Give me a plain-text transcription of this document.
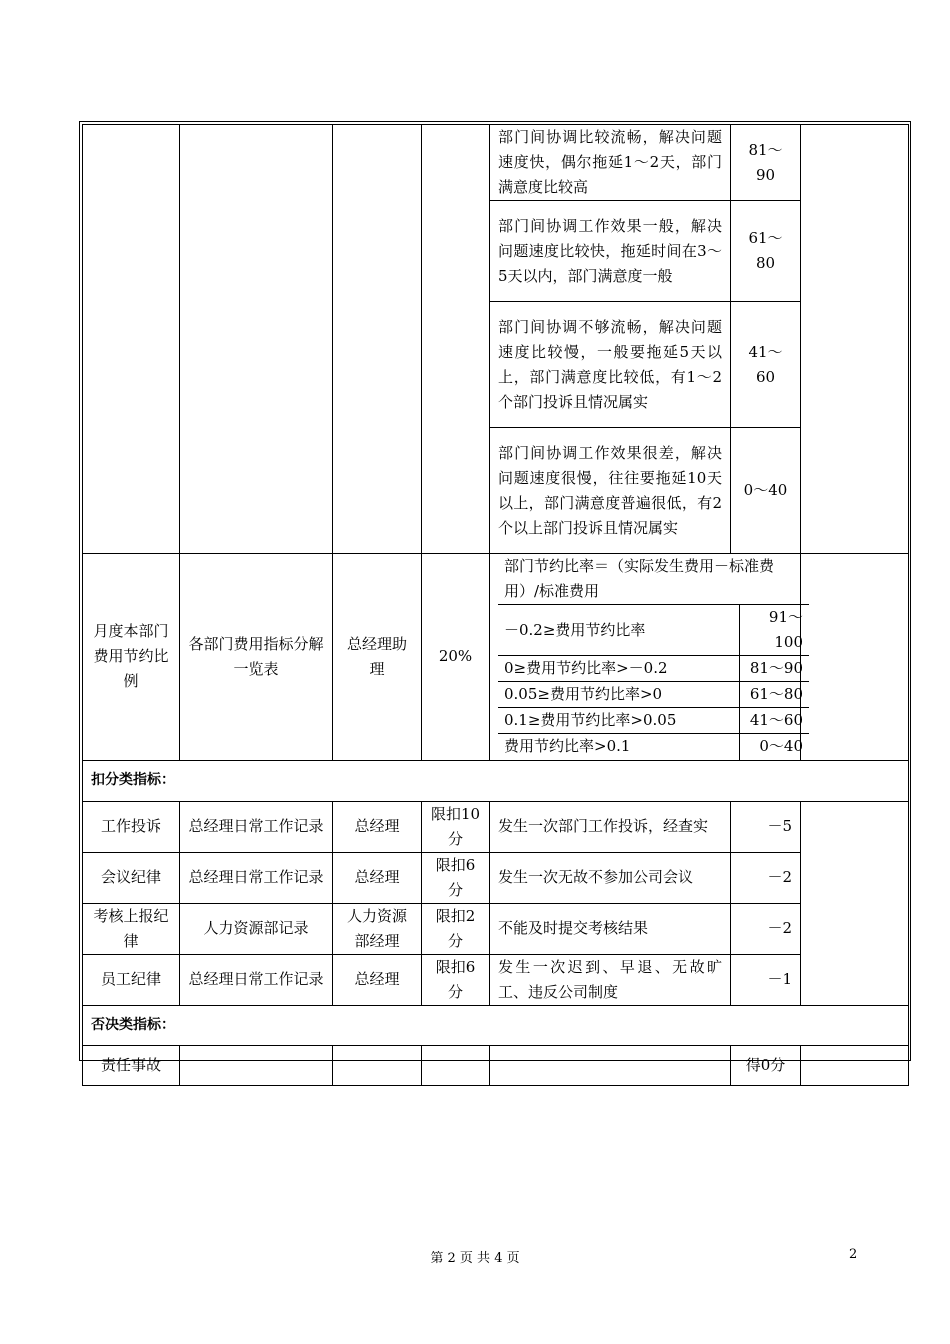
				部门间协调比较流畅，解决问题速度快，偶尔拖延1～2天，部门满意度比较高	81～90	
部门间协调工作效果一般，解决问题速度比较快，拖延时间在3～5天以内，部门满意度一般	61～80
部门间协调不够流畅，解决问题速度比较慢，一般要拖延5天以上，部门满意度比较低，有1～2个部门投诉且情况属实	41～60
部门间协调工作效果很差，解决问题速度很慢，往往要拖延10天以上，部门满意度普遍很低，有2个以上部门投诉且情况属实	0～40
月度本部门费用节约比例	各部门费用指标分解一览表	总经理助理	20%	
部门节约比率＝（实际发生费用－标准费用）/标准费用
－0.2≥费用节约比率	91～100
0≥费用节约比率>－0.2	81～90
0.05≥费用节约比率>0	61～80
0.1≥费用节约比率>0.05	41～60
费用节约比率>0.1	0～40

扣分类指标：
工作投诉	总经理日常工作记录	总经理	限扣10分	发生一次部门工作投诉，经查实	－5	
会议纪律	总经理日常工作记录	总经理	限扣6分	发生一次无故不参加公司会议	－2
考核上报纪律	人力资源部记录	人力资源部经理	限扣2分	不能及时提交考核结果	－2
员工纪律	总经理日常工作记录	总经理	限扣6分	发生一次迟到、早退、无故旷工、违反公司制度	－1
否决类指标：
责任事故					得0分	
第 2 页 共 4 页	2
